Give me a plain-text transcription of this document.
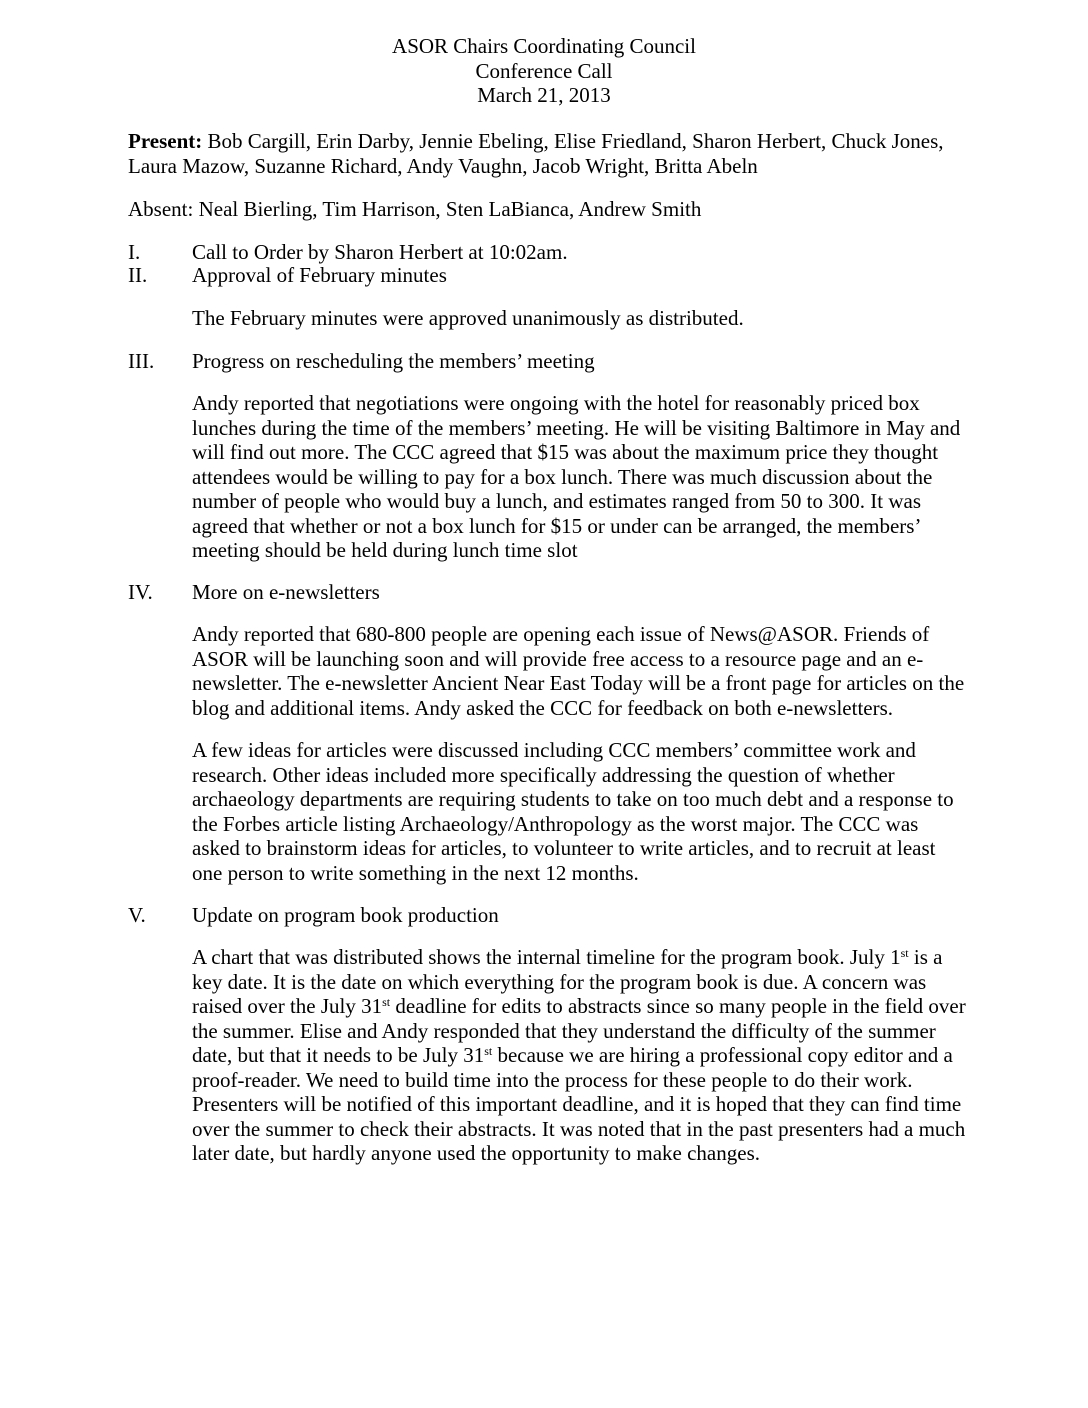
ASOR Chairs Coordinating Council
Conference Call
March 21, 2013

Present: Bob Cargill, Erin Darby, Jennie Ebeling, Elise Friedland, Sharon Herbert, Chuck Jones, Laura Mazow, Suzanne Richard, Andy Vaughn, Jacob Wright, Britta Abeln

Absent: Neal Bierling, Tim Harrison, Sten LaBianca, Andrew Smith

I. Call to Order by Sharon Herbert at 10:02am.
II. Approval of February minutes

The February minutes were approved unanimously as distributed.

III. Progress on rescheduling the members’ meeting

Andy reported that negotiations were ongoing with the hotel for reasonably priced box lunches during the time of the members’ meeting. He will be visiting Baltimore in May and will find out more. The CCC agreed that $15 was about the maximum price they thought attendees would be willing to pay for a box lunch. There was much discussion about the number of people who would buy a lunch, and estimates ranged from 50 to 300. It was agreed that whether or not a box lunch for $15 or under can be arranged, the members’ meeting should be held during lunch time slot

IV. More on e-newsletters

Andy reported that 680-800 people are opening each issue of News@ASOR. Friends of ASOR will be launching soon and will provide free access to a resource page and an e-newsletter. The e-newsletter Ancient Near East Today will be a front page for articles on the blog and additional items. Andy asked the CCC for feedback on both e-newsletters.

A few ideas for articles were discussed including CCC members’ committee work and research. Other ideas included more specifically addressing the question of whether archaeology departments are requiring students to take on too much debt and a response to the Forbes article listing Archaeology/Anthropology as the worst major. The CCC was asked to brainstorm ideas for articles, to volunteer to write articles, and to recruit at least one person to write something in the next 12 months.

V. Update on program book production

A chart that was distributed shows the internal timeline for the program book. July 1st is a key date. It is the date on which everything for the program book is due. A concern was raised over the July 31st deadline for edits to abstracts since so many people in the field over the summer. Elise and Andy responded that they understand the difficulty of the summer date, but that it needs to be July 31st because we are hiring a professional copy editor and a proof-reader. We need to build time into the process for these people to do their work. Presenters will be notified of this important deadline, and it is hoped that they can find time over the summer to check their abstracts. It was noted that in the past presenters had a much later date, but hardly anyone used the opportunity to make changes.
